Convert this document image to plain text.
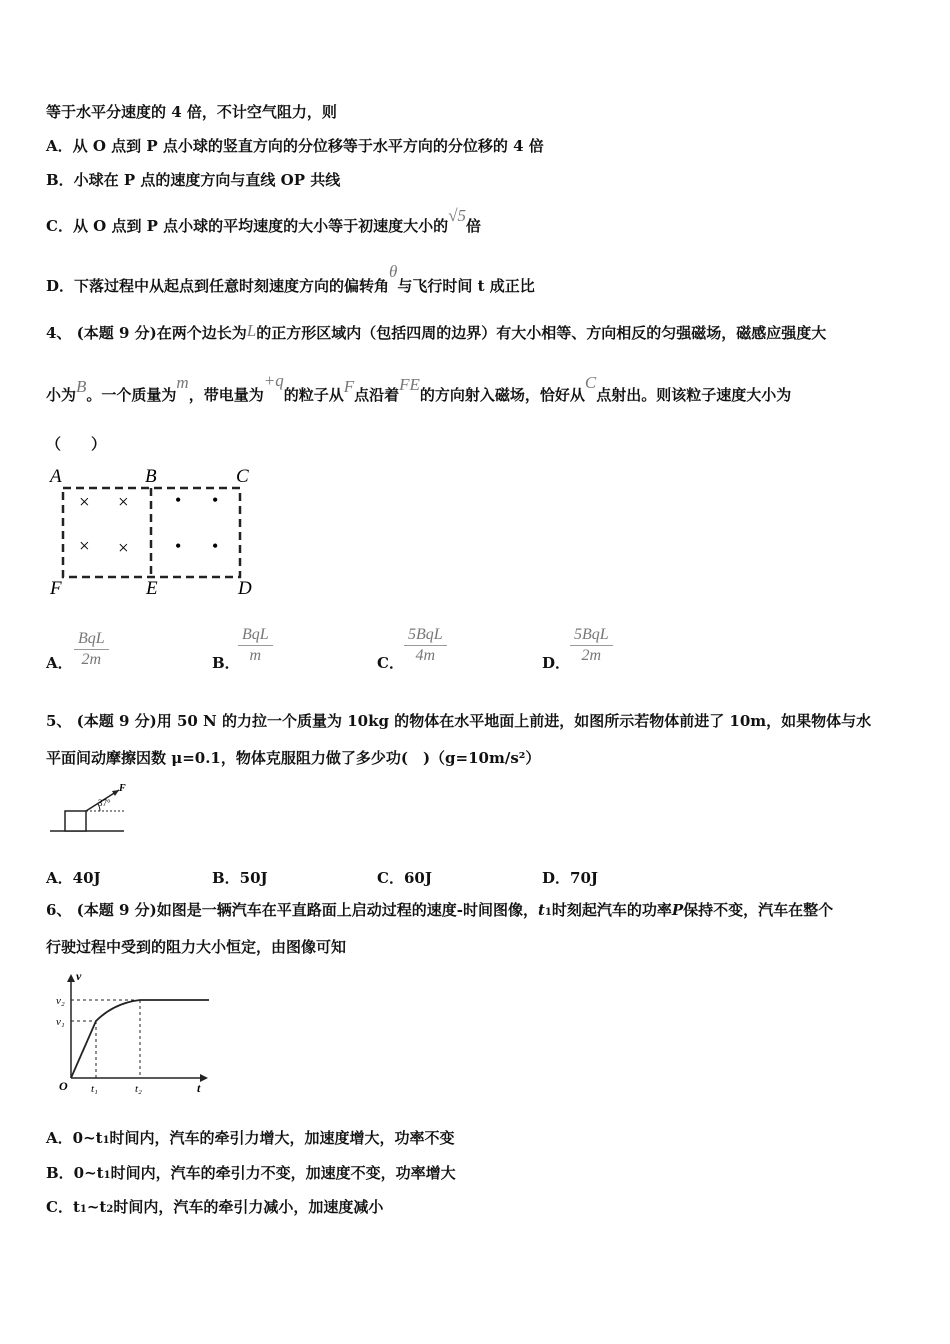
等于水平分速度的 4 倍，不计空气阻力，则
A．从 O 点到 P 点小球的竖直方向的分位移等于水平方向的分位移的 4 倍
B．小球在 P 点的速度方向与直线 OP 共线
C．从 O 点到 P 点小球的平均速度的大小等于初速度大小的√5倍
D．下落过程中从起点到任意时刻速度方向的偏转角θ与飞行时间 t 成正比
4、 (本题 9 分)在两个边长为L的正方形区域内（包括四周的边界）有大小相等、方向相反的匀强磁场，磁感应强度大
小为B。一个质量为m，带电量为+q的粒子从F点沿着FE的方向射入磁场，恰好从C点射出。则该粒子速度大小为
（　　）
A	B	C
F	E	D
× ×
× ×
• •
• •
A．
BqL
2m	B．
BqL
m	C．
5BqL
4m	D．
5BqL
2m
5、 (本题 9 分)用 50 N 的力拉一个质量为 10kg 的物体在水平地面上前进，如图所示若物体前进了 10m，如果物体与水
平面间动摩擦因数 μ=0.1，物体克服阻力做了多少功(　)（g=10m/s²）
F
37°
A．40J	B．50J	C．60J	D．70J
6、 (本题 9 分)如图是一辆汽车在平直路面上启动过程的速度-时间图像，t1时刻起汽车的功率P保持不变，汽车在整个
行驶过程中受到的阻力大小恒定，由图像可知
v
t
O
v₂
v₁
t₁	t₂
A．0~t1时间内，汽车的牵引力增大，加速度增大，功率不变
B．0~t1时间内，汽车的牵引力不变，加速度不变，功率增大
C．t1~t2时间内，汽车的牵引力减小，加速度减小
